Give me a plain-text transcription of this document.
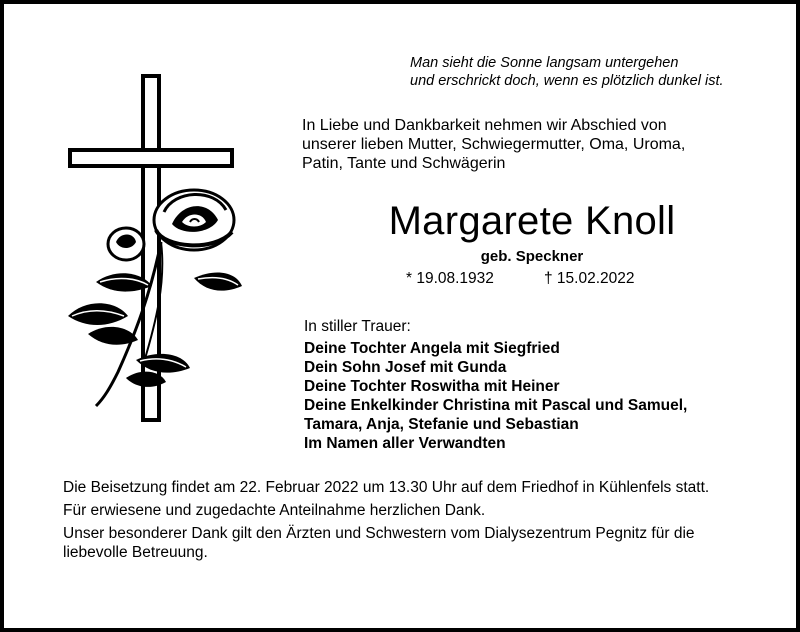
Man sieht die Sonne langsam untergehen
und erschrickt doch, wenn es plötzlich dunkel ist.
In Liebe und Dankbarkeit nehmen wir Abschied von
unserer lieben Mutter, Schwiegermutter, Oma, Uroma,
Patin, Tante und Schwägerin
Margarete Knoll
geb. Speckner
* 19.08.1932	† 15.02.2022
In stiller Trauer:
Deine Tochter Angela mit Siegfried
Dein Sohn Josef mit Gunda
Deine Tochter Roswitha mit Heiner
Deine Enkelkinder Christina mit Pascal und Samuel,
Tamara, Anja, Stefanie und Sebastian
Im Namen aller Verwandten

Die Beisetzung findet am 22. Februar 2022 um 13.30 Uhr auf dem Friedhof in Kühlenfels statt.

Für erwiesene und zugedachte Anteilnahme herzlichen Dank.

Unser besonderer Dank gilt den Ärzten und Schwestern vom Dialysezentrum Pegnitz für die liebevolle Betreuung.
